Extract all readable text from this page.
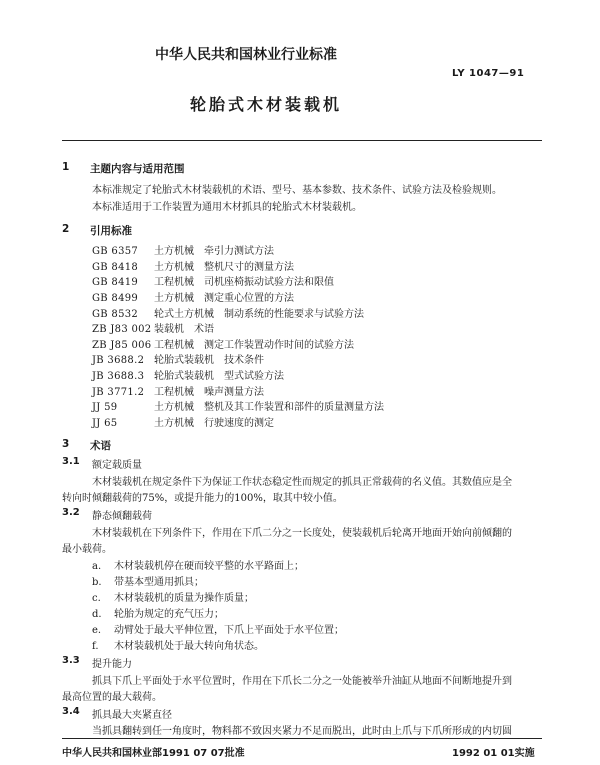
中华人民共和国林业行业标准
LY 1047—91
轮胎式木材装载机
1 主题内容与适用范围
本标准规定了轮胎式木材装载机的术语、型号、基本参数、技术条件、试验方法及检验规则。
本标准适用于工作装置为通用木材抓具的轮胎式木材装载机。
2 引用标准
GB 6357 土方机械　牵引力测试方法
GB 8418 土方机械　整机尺寸的测量方法
GB 8419 工程机械　司机座椅振动试验方法和限值
GB 8499 土方机械　测定重心位置的方法
GB 8532 轮式土方机械　制动系统的性能要求与试验方法
ZB J83 002 装载机　术语
ZB J85 006 工程机械　测定工作装置动作时间的试验方法
JB 3688.2 轮胎式装载机　技术条件
JB 3688.3 轮胎式装载机　型式试验方法
JB 3771.2 工程机械　噪声测量方法
JJ 59	土方机械　整机及其工作装置和部件的质量测量方法
JJ 65	土方机械　行驶速度的测定
3 术语
3.1 额定载质量
木材装载机在规定条件下为保证工作状态稳定性而规定的抓具正常载荷的名义值。其数值应是全
转向时倾翻载荷的75%，或提升能力的100%，取其中较小值。
3.2 静态倾翻载荷
木材装载机在下列条件下，作用在下爪二分之一长度处，使装载机后轮离开地面开始向前倾翻的
最小载荷。
a. 木材装载机停在硬而较平整的水平路面上；
b. 带基本型通用抓具；
c. 木材装载机的质量为操作质量；
d. 轮胎为规定的充气压力；
e. 动臂处于最大平伸位置，下爪上平面处于水平位置；
f. 木材装载机处于最大转向角状态。
3.3 提升能力
抓具下爪上平面处于水平位置时，作用在下爪长二分之一处能被举升油缸从地面不间断地提升到
最高位置的最大载荷。
3.4 抓具最大夹紧直径
当抓具翻转到任一角度时，物料都不致因夹紧力不足而脱出，此时由上爪与下爪所形成的内切圆
中华人民共和国林业部1991 07 07批准	1992 01 01实施
